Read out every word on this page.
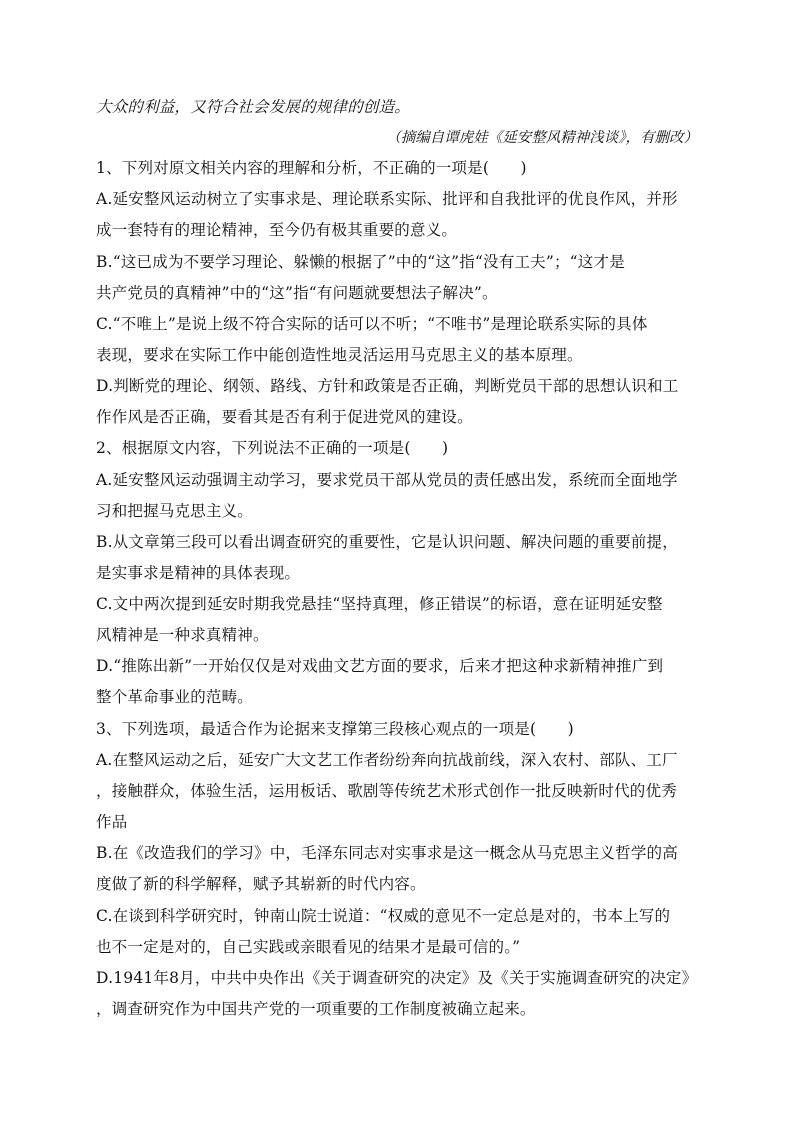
大众的利益，又符合社会发展的规律的创造。
（摘编自谭虎娃《延安整风精神浅谈》，有删改）
1、下列对原文相关内容的理解和分析，不正确的一项是(　　)
A.延安整风运动树立了实事求是、理论联系实际、批评和自我批评的优良作风，并形
成一套特有的理论精神，至今仍有极其重要的意义。
B.“这已成为不要学习理论、躲懒的根据了”中的“这”指“没有工夫”；“这才是
共产党员的真精神”中的“这”指“有问题就要想法子解决”。
C.“不唯上”是说上级不符合实际的话可以不听；“不唯书”是理论联系实际的具体
表现，要求在实际工作中能创造性地灵活运用马克思主义的基本原理。
D.判断党的理论、纲领、路线、方针和政策是否正确，判断党员干部的思想认识和工
作作风是否正确，要看其是否有利于促进党风的建设。
2、根据原文内容，下列说法不正确的一项是(　　)
A.延安整风运动强调主动学习，要求党员干部从党员的责任感出发，系统而全面地学
习和把握马克思主义。
B.从文章第三段可以看出调查研究的重要性，它是认识问题、解决问题的重要前提，
是实事求是精神的具体表现。
C.文中两次提到延安时期我党悬挂“坚持真理，修正错误”的标语，意在证明延安整
风精神是一种求真精神。
D.“推陈出新”一开始仅仅是对戏曲文艺方面的要求，后来才把这种求新精神推广到
整个革命事业的范畴。
3、下列选项，最适合作为论据来支撑第三段核心观点的一项是(　　)
A.在整风运动之后，延安广大文艺工作者纷纷奔向抗战前线，深入农村、部队、工厂
，接触群众，体验生活，运用板话、歌剧等传统艺术形式创作一批反映新时代的优秀
作品
B.在《改造我们的学习》中，毛泽东同志对实事求是这一概念从马克思主义哲学的高
度做了新的科学解释，赋予其崭新的时代内容。
C.在谈到科学研究时，钟南山院士说道：“权威的意见不一定总是对的，书本上写的
也不一定是对的，自己实践或亲眼看见的结果才是最可信的。”
D.1941年8月，中共中央作出《关于调查研究的决定》及《关于实施调查研究的决定》
，调查研究作为中国共产党的一项重要的工作制度被确立起来。
